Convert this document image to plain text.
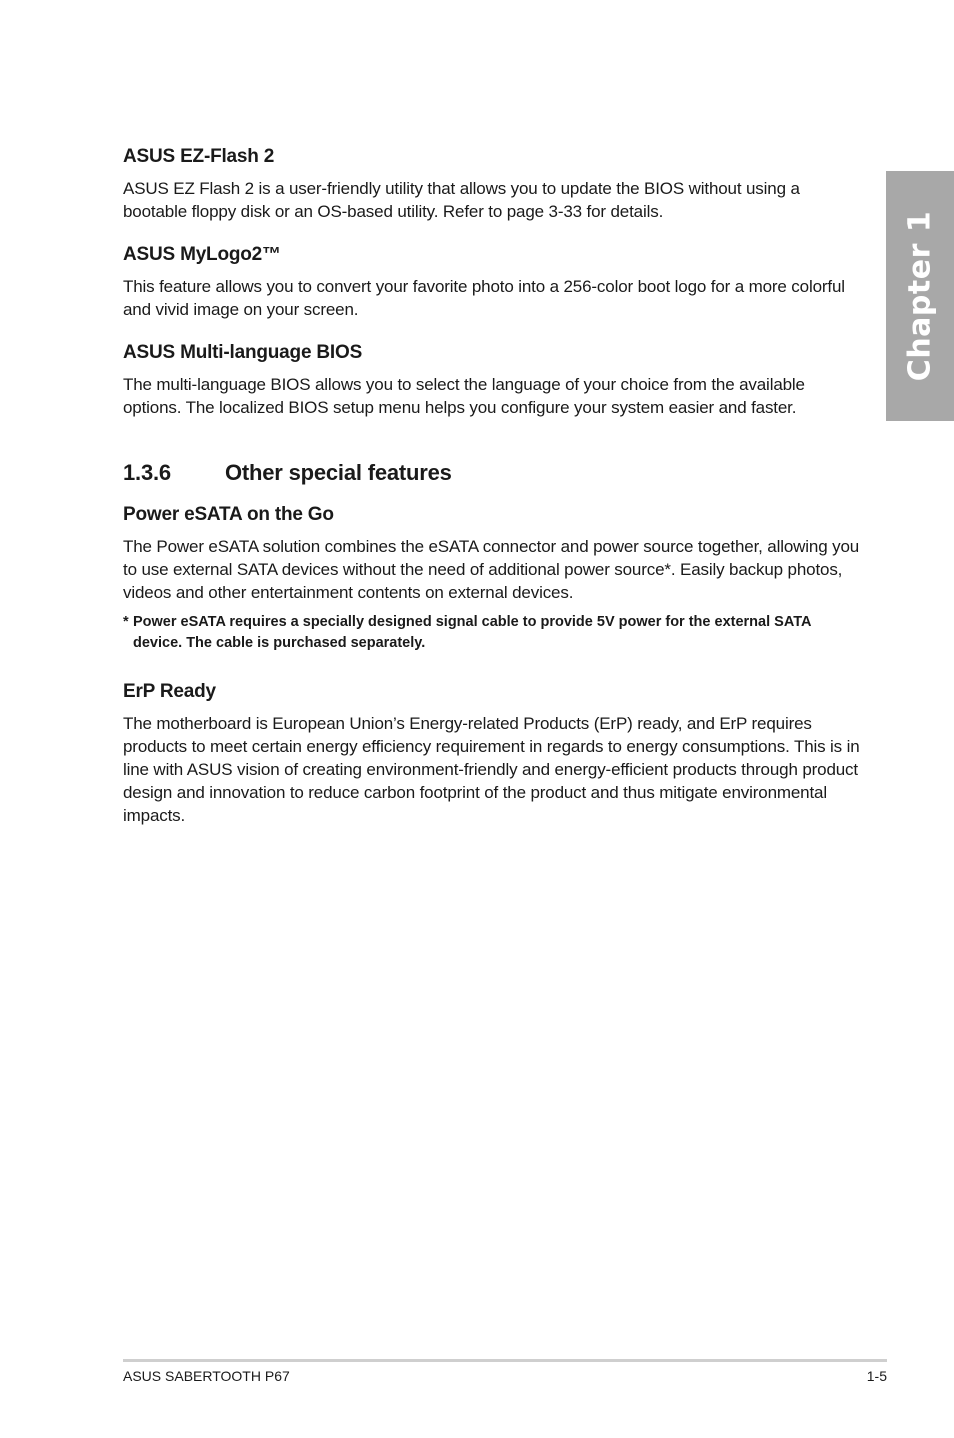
Chapter 1
ASUS EZ-Flash 2

ASUS EZ Flash 2 is a user-friendly utility that allows you to update the BIOS without using a bootable floppy disk or an OS-based utility. Refer to page 3-33 for details.

ASUS MyLogo2™

This feature allows you to convert your favorite photo into a 256-color boot logo for a more colorful and vivid image on your screen.

ASUS Multi-language BIOS

The multi-language BIOS allows you to select the language of your choice from the available options. The localized BIOS setup menu helps you configure your system easier and faster.

1.3.6 Other special features
Power eSATA on the Go

The Power eSATA solution combines the eSATA connector and power source together, allowing you to use external SATA devices without the need of additional power source*. Easily backup photos, videos and other entertainment contents on external devices.

* Power eSATA requires a specially designed signal cable to provide 5V power for the external SATA device. The cable is purchased separately.
ErP Ready

The motherboard is European Union’s Energy-related Products (ErP) ready, and ErP requires products to meet certain energy efficiency requirement in regards to energy consumptions. This is in line with ASUS vision of creating environment-friendly and energy-efficient products through product design and innovation to reduce carbon footprint of the product and thus mitigate environmental impacts.

ASUS SABERTOOTH P67	1-5
